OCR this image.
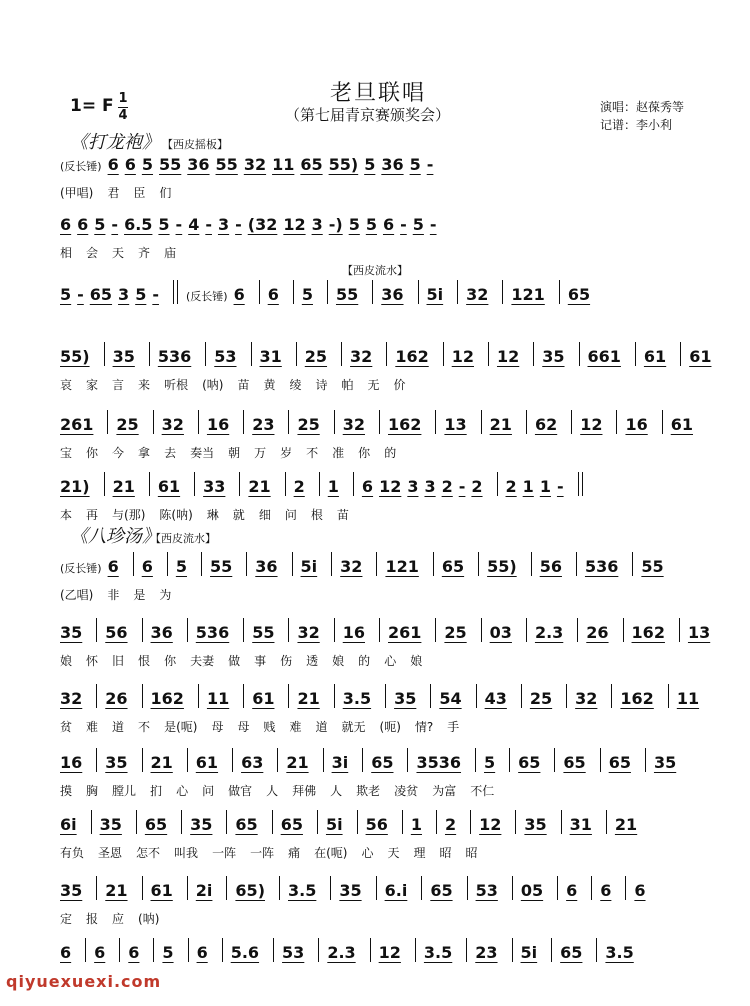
老旦联唱
（第七届青京赛颁奖会）
1= F 1
4
演唱：赵葆秀等
记谱：李小利
《打龙袍》 【西皮摇板】
【西皮流水】
《八珍汤》
【西皮流水】
(反长锤) 6 6 5 55 36 55 32 11 65 55) 5 36 5 -
(甲唱) 君 臣 们
6 6 5 - 6.5 5 - 4 - 3 - (32 12 3 -) 5 5 6 - 5 -
相 会 天 齐 庙
5 - 65 3 5 - (反长锤) 6 6 5 55 36 5i 32 121 65
55) 35 536 53 31 25 32 162 12 12 35 661 61 61
哀 家 言 来 听根 (呐) 苗 黄 绫 诗 帕 无 价
261 25 32 16 23 25 32 162 13 21 62 12 16 61
宝 你 今 拿 去 奏当 朝 万 岁 不 准 你 的
21) 21 61 33 21 2 1 6 12 3 3 2 - 2 2 1 1 -
本 再 与(那) 陈(呐) 琳 就 细 问 根 苗
(反长锤) 6 6 5 55 36 5i 32 121 65 55) 56 536 55
(乙唱) 非 是 为
35 56 36 536 55 32 16 261 25 03 2.3 26 162 13
娘 怀 旧 恨 你 夫妻 做 事 伤 透 娘 的 心 娘
32 26 162 11 61 21 3.5 35 54 43 25 32 162 11
贫 难 道 不 是(呃) 母 母 贱 难 道 就无 (呃) 情? 手
16 35 21 61 63 21 3i 65 3536 5 65 65 65 35
摸 胸 膛儿 扪 心 问 做官 人 拜佛 人 欺老 凌贫 为富 不仁
6i 35 65 35 65 65 5i 56 1 2 12 35 31 21
有负 圣恩 怎不 叫我 一阵 一阵 痛 在(呃) 心 天 理 昭 昭
35 21 61 2i 65) 3.5 35 6.i 65 53 05 6 6 6
定 报 应 (呐)
6 6 6 5 6 5.6 53 2.3 12 3.5 23 5i 65 3.5
qiyuexuexi.com
